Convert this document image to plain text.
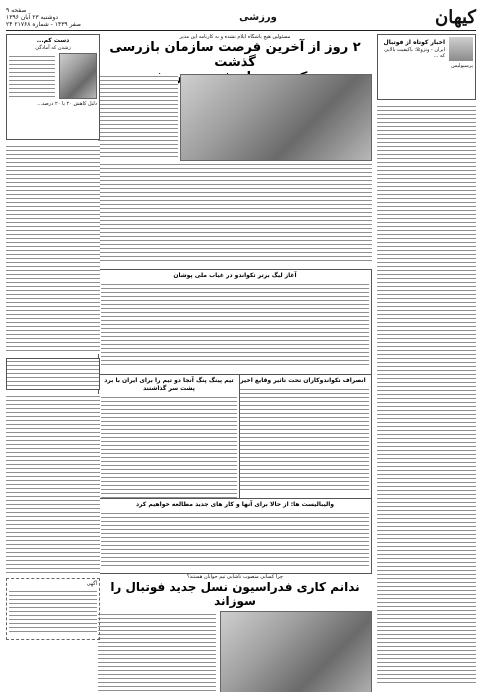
کیهان
ورزشی
صفحه ۹
دوشنبه ۲۳ آبان ۱۳۹۶
۲۴ صفر ۱۴۳۹ - شماره ۲۱۷۶۸
اخبار کوتاه از فوتبال
ایران - ونزوئلا: باکیفیت بالایی که ...
پرسپولیس
مسئولین هیچ باشگاه ایلام نشده و به کارنامه این مدیر
۲ روز از آخرین فرصت سازمان بازرسی گذشت
آغاز لیگ برتر تکواندو در غیاب ملی پوشان
انصراف تکواندوکاران تحت تاثیر وقایع اخیر
تیم پینگ پنگ آنجا دو تیم را برای ایران با برد پشت سر گذاشتند
والیبالیست ها: از حالا برای آنها و کار های جدید مطالعه خواهیم کرد
چرا کسانی منصوب ناشایی تیم جوانان هستند؟
ندانم کاری فدراسیون نسل جدید فوتبال را سوزاند
دست کم...
زشدن که آمادگی
دلیل کاهش ۲۰ یا ۲۰ درصد...
آگهی
